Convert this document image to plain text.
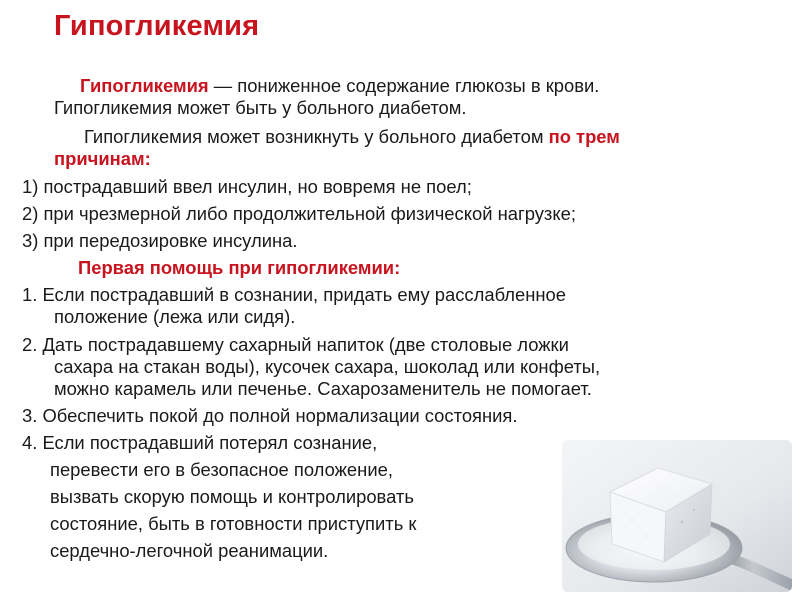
Гипогликемия
Гипогликемия — пониженное содержание глюкозы в крови.
Гипогликемия может быть у больного диабетом.
Гипогликемия может возникнуть у больного диабетом по трем
причинам:
1) пострадавший ввел инсулин, но вовремя не поел;
2) при чрезмерной либо продолжительной физической нагрузке;
3) при передозировке инсулина.
Первая помощь при гипогликемии:
1. Если пострадавший в сознании, придать ему расслабленное
положение (лежа или сидя).
2. Дать пострадавшему сахарный напиток (две столовые ложки
сахара на стакан воды), кусочек сахара, шоколад или конфеты,
можно карамель или печенье. Сахарозаменитель не помогает.
3. Обеспечить покой до полной нормализации состояния.
4. Если пострадавший потерял сознание,
перевести его в безопасное положение,
вызвать скорую помощь и контролировать
состояние, быть в готовности приступить к
сердечно-легочной реанимации.
